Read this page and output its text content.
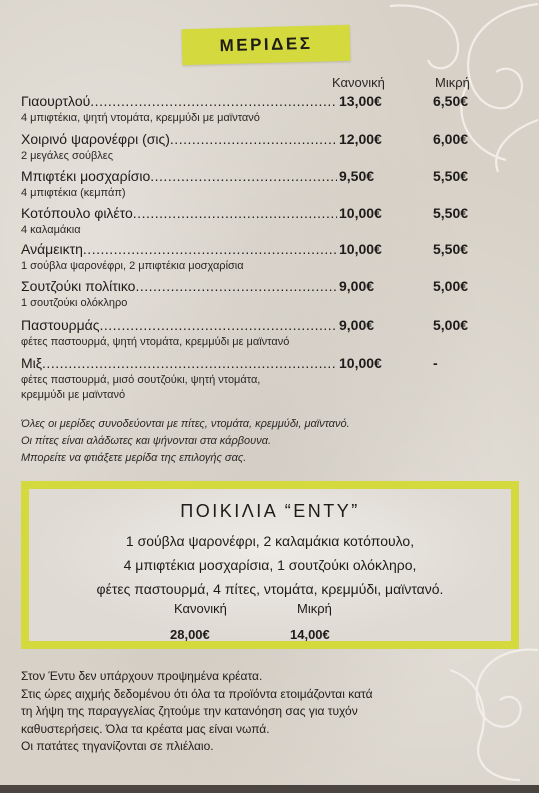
ΜΕΡΙΔΕΣ
Κανονική	Μικρή
Γιαουρτλού .....	13,00€	6,50€
4 μπιφτέκια, ψητή ντομάτα, κρεμμύδι με μαϊντανό
Χοιρινό ψαρονέφρι (σις) .....	12,00€	6,00€
2 μεγάλες σούβλες
Μπιφτέκι μοσχαρίσιο .....	9,50€	5,50€
4 μπιφτέκια (κεμπάπ)
Κοτόπουλο φιλέτο .....	10,00€	5,50€
4 καλαμάκια
Ανάμεικτη .....	10,00€	5,50€
1 σούβλα ψαρονέφρι, 2 μπιφτέκια μοσχαρίσια
Σουτζούκι πολίτικο .....	9,00€	5,00€
1 σουτζούκι ολόκληρο
Παστουρμάς .....	9,00€	5,00€
φέτες παστουρμά, ψητή ντομάτα, κρεμμύδι με μαϊντανό
Μιξ .....	10,00€	-
φέτες παστουρμά, μισό σουτζούκι, ψητή ντομάτα,
κρεμμύδι με μαϊντανό
Όλες οι μερίδες συνοδεύονται με πίτες, ντομάτα, κρεμμύδι, μαϊντανό.
Οι πίτες είναι αλάδωτες και ψήνονται στα κάρβουνα.
Μπορείτε να φτιάξετε μερίδα της επιλογής σας.
ΠΟΙΚΙΛΙΑ “ΕΝΤΥ”
1 σούβλα ψαρονέφρι, 2 καλαμάκια κοτόπουλο,
4 μπιφτέκια μοσχαρίσια, 1 σουτζούκι ολόκληρο,
φέτες παστουρμά, 4 πίτες, ντομάτα, κρεμμύδι, μαϊντανό.
Κανονική	Μικρή
28,00€	14,00€
Στον Έντυ δεν υπάρχουν προψημένα κρέατα.
Στις ώρες αιχμής δεδομένου ότι όλα τα προϊόντα ετοιμάζονται κατά
τη λήψη της παραγγελίας ζητούμε την κατανόηση σας για τυχόν
καθυστερήσεις. Όλα τα κρέατα μας είναι νωπά.
Οι πατάτες τηγανίζονται σε πλιέλαιο.
